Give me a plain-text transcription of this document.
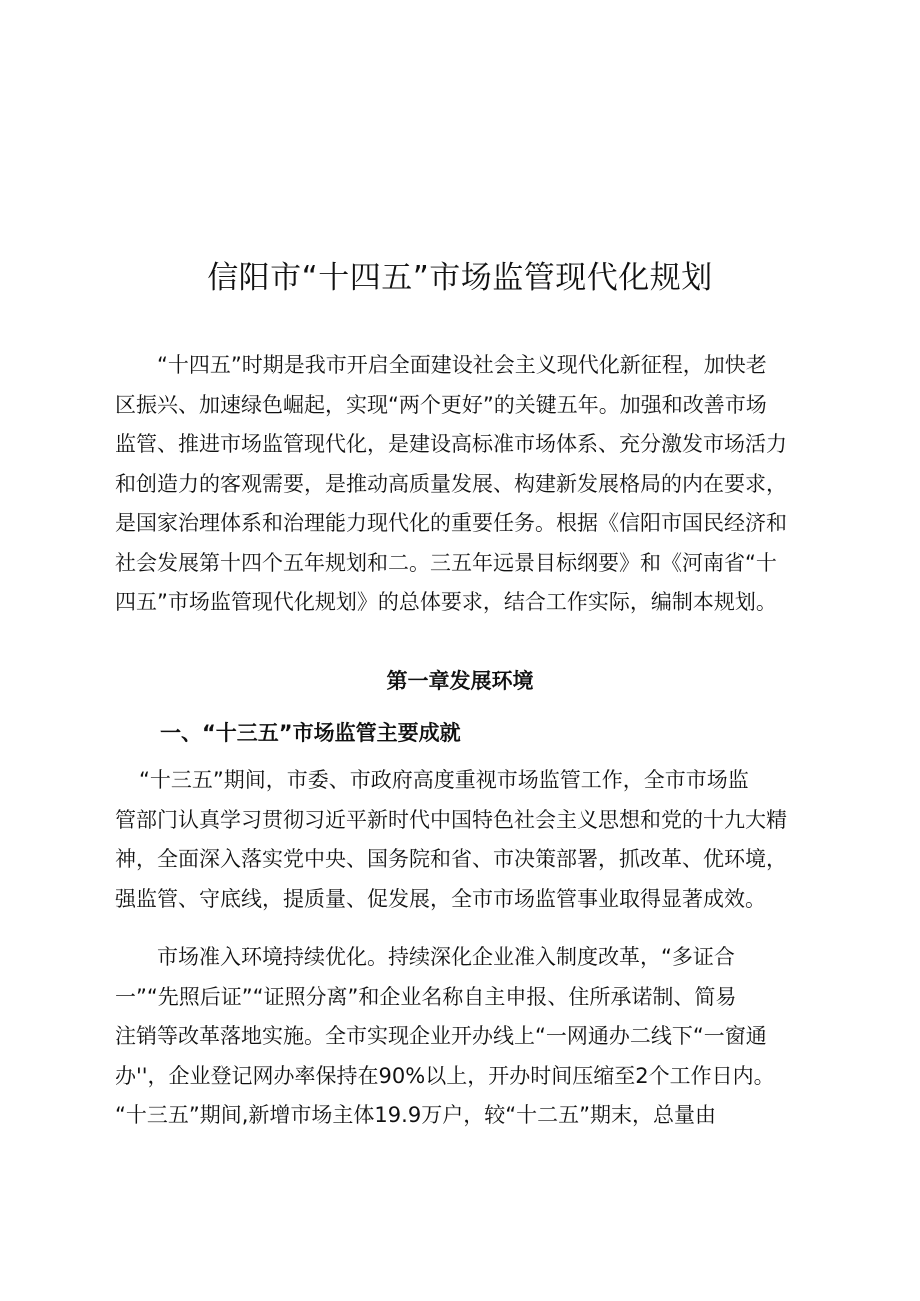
信阳市“十四五”市场监管现代化规划
“十四五”时期是我市开启全面建设社会主义现代化新征程，加快老
区振兴、加速绿色崛起，实现“两个更好”的关键五年。加强和改善市场
监管、推进市场监管现代化，是建设高标准市场体系、充分激发市场活力
和创造力的客观需要，是推动高质量发展、构建新发展格局的内在要求，
是国家治理体系和治理能力现代化的重要任务。根据《信阳市国民经济和
社会发展第十四个五年规划和二。三五年远景目标纲要》和《河南省“十
四五”市场监管现代化规划》的总体要求，结合工作实际，编制本规划。
第一章发展环境
一、“十三五”市场监管主要成就
“十三五”期间，市委、市政府高度重视市场监管工作，全市市场监
管部门认真学习贯彻习近平新时代中国特色社会主义思想和党的十九大精
神，全面深入落实党中央、国务院和省、市决策部署，抓改革、优环境，
强监管、守底线，提质量、促发展，全市市场监管事业取得显著成效。
市场准入环境持续优化。持续深化企业准入制度改革，“多证合
一”“先照后证”“证照分离”和企业名称自主申报、住所承诺制、简易
注销等改革落地实施。全市实现企业开办线上“一网通办二线下“一窗通
办''，企业登记网办率保持在90%以上，开办时间压缩至2个工作日内。
“十三五”期间,新增市场主体19.9万户，较“十二五”期末，总量由
